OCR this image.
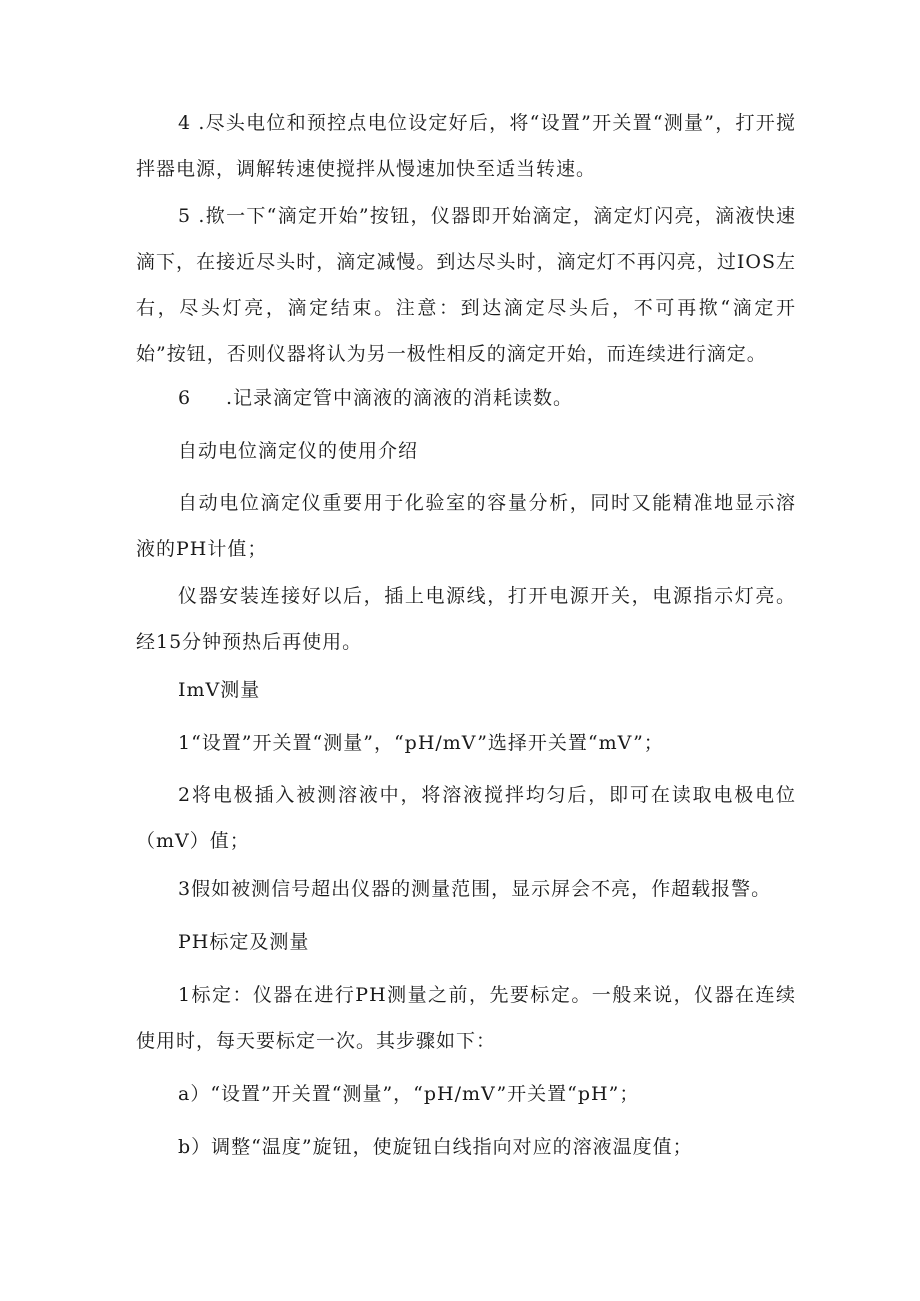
4 .尽头电位和预控点电位设定好后，将“设置”开关置“测量”，打开搅拌器电源，调解转速使搅拌从慢速加快至适当转速。

5 .揿一下“滴定开始”按钮，仪器即开始滴定，滴定灯闪亮，滴液快速滴下，在接近尽头时，滴定减慢。到达尽头时，滴定灯不再闪亮，过IOS左右，尽头灯亮，滴定结束。注意：到达滴定尽头后，不可再揿“滴定开始”按钮，否则仪器将认为另一极性相反的滴定开始，而连续进行滴定。

6 .记录滴定管中滴液的滴液的消耗读数。

自动电位滴定仪的使用介绍

自动电位滴定仪重要用于化验室的容量分析，同时又能精准地显示溶液的PH计值；

仪器安装连接好以后，插上电源线，打开电源开关，电源指示灯亮。经15分钟预热后再使用。

ImV测量

1“设置”开关置“测量”，“pH/mV”选择开关置“mV”；

2将电极插入被测溶液中，将溶液搅拌均匀后，即可在读取电极电位（mV）值；

3假如被测信号超出仪器的测量范围，显示屏会不亮，作超载报警。

PH标定及测量

1标定：仪器在进行PH测量之前，先要标定。一般来说，仪器在连续使用时，每天要标定一次。其步骤如下：

a）“设置”开关置“测量”，“pH/mV”开关置“pH”；

b）调整“温度”旋钮，使旋钮白线指向对应的溶液温度值；
